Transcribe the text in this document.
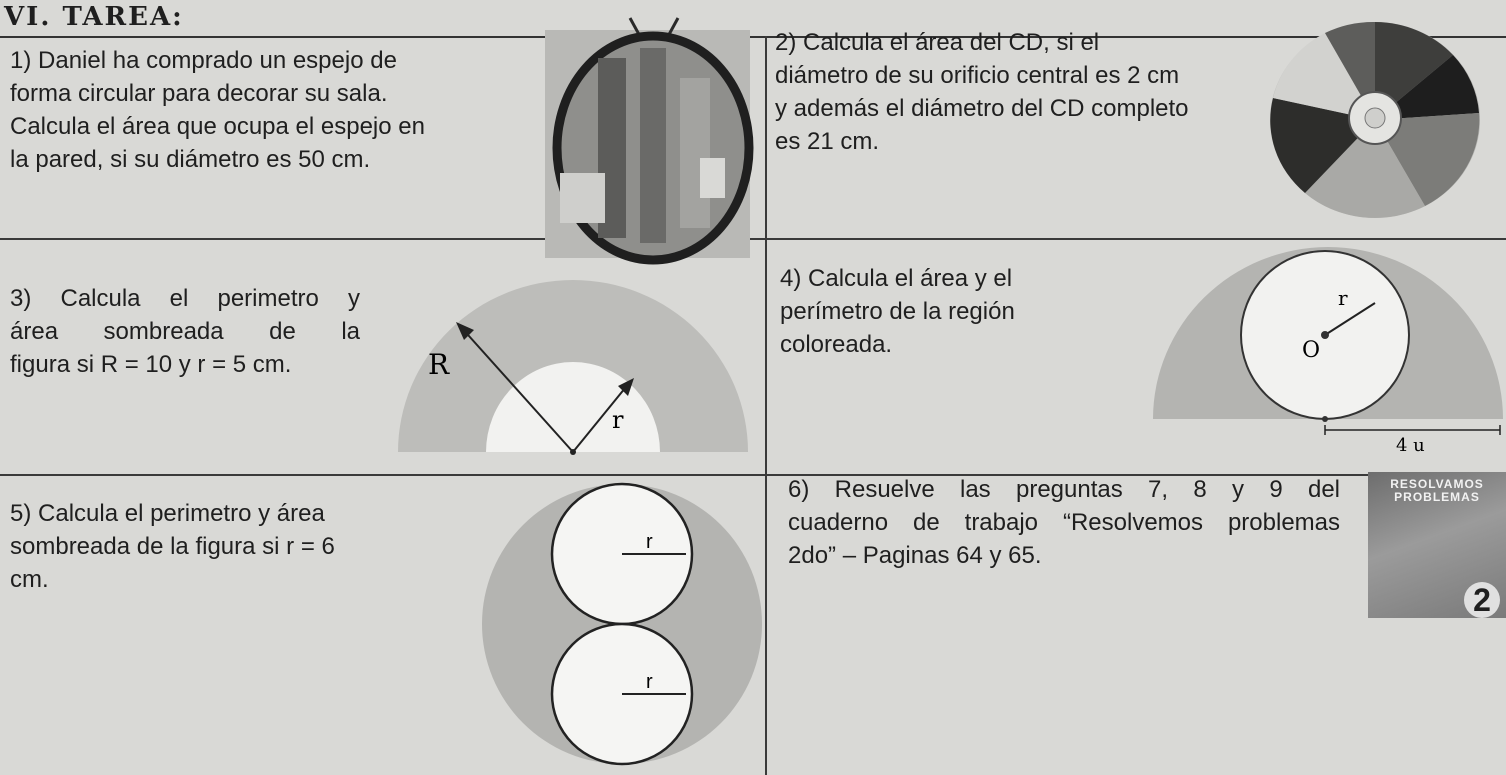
VI. TAREA:
1) Daniel ha comprado un espejo de
forma circular para decorar su sala.
Calcula el área que ocupa el espejo en
la pared, si su diámetro es 50 cm.
2) Calcula el área del CD, si el
diámetro de su orificio central es 2 cm
y además el diámetro del CD completo
es 21 cm.
3) Calcula el perimetro y
área sombreada de la
figura si R = 10 y r = 5 cm.	R
r
4) Calcula el área y el
perímetro de la región
coloreada.
r
O
4 u
5) Calcula el perimetro y área
sombreada de la figura si r = 6
cm.
r
r
6) Resuelve las preguntas 7, 8 y 9 del
cuaderno de trabajo “Resolvemos problemas
2do” – Paginas 64 y 65.
RESOLVAMOS
PROBLEMAS
2
